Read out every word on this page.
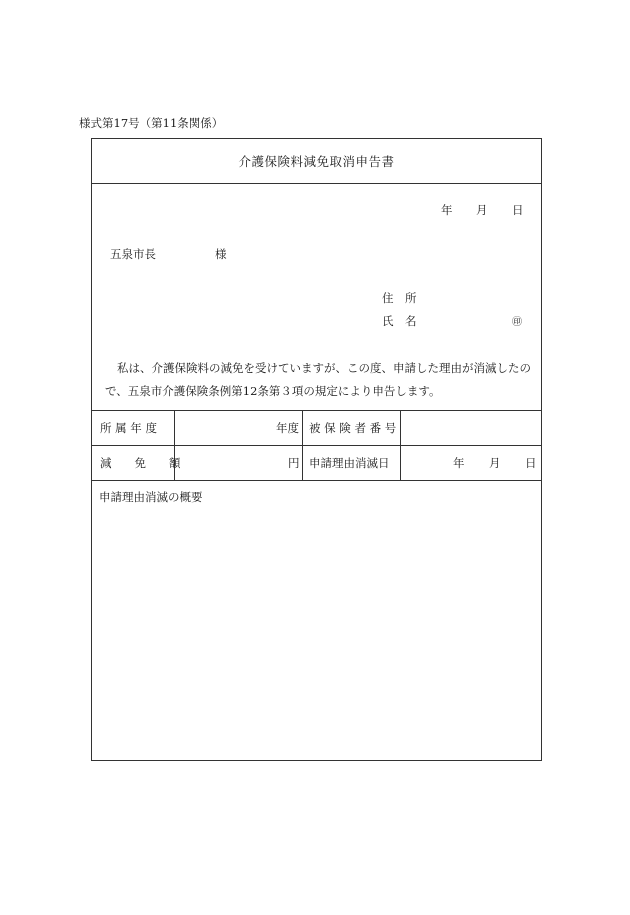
様式第17号（第11条関係）
介護保険料減免取消申告書
年 月 日
五泉市長	様
住　所
氏　名	㊞

私は、介護保険料の減免を受けていますが、この度、申請した理由が消滅したの

で、五泉市介護保険条例第12条第３項の規定により申告します。

所 属 年 度	年度 被 保 険 者 番 号
減　　免　　額	円 申請理由消滅日	年 月 日
申請理由消滅の概要
